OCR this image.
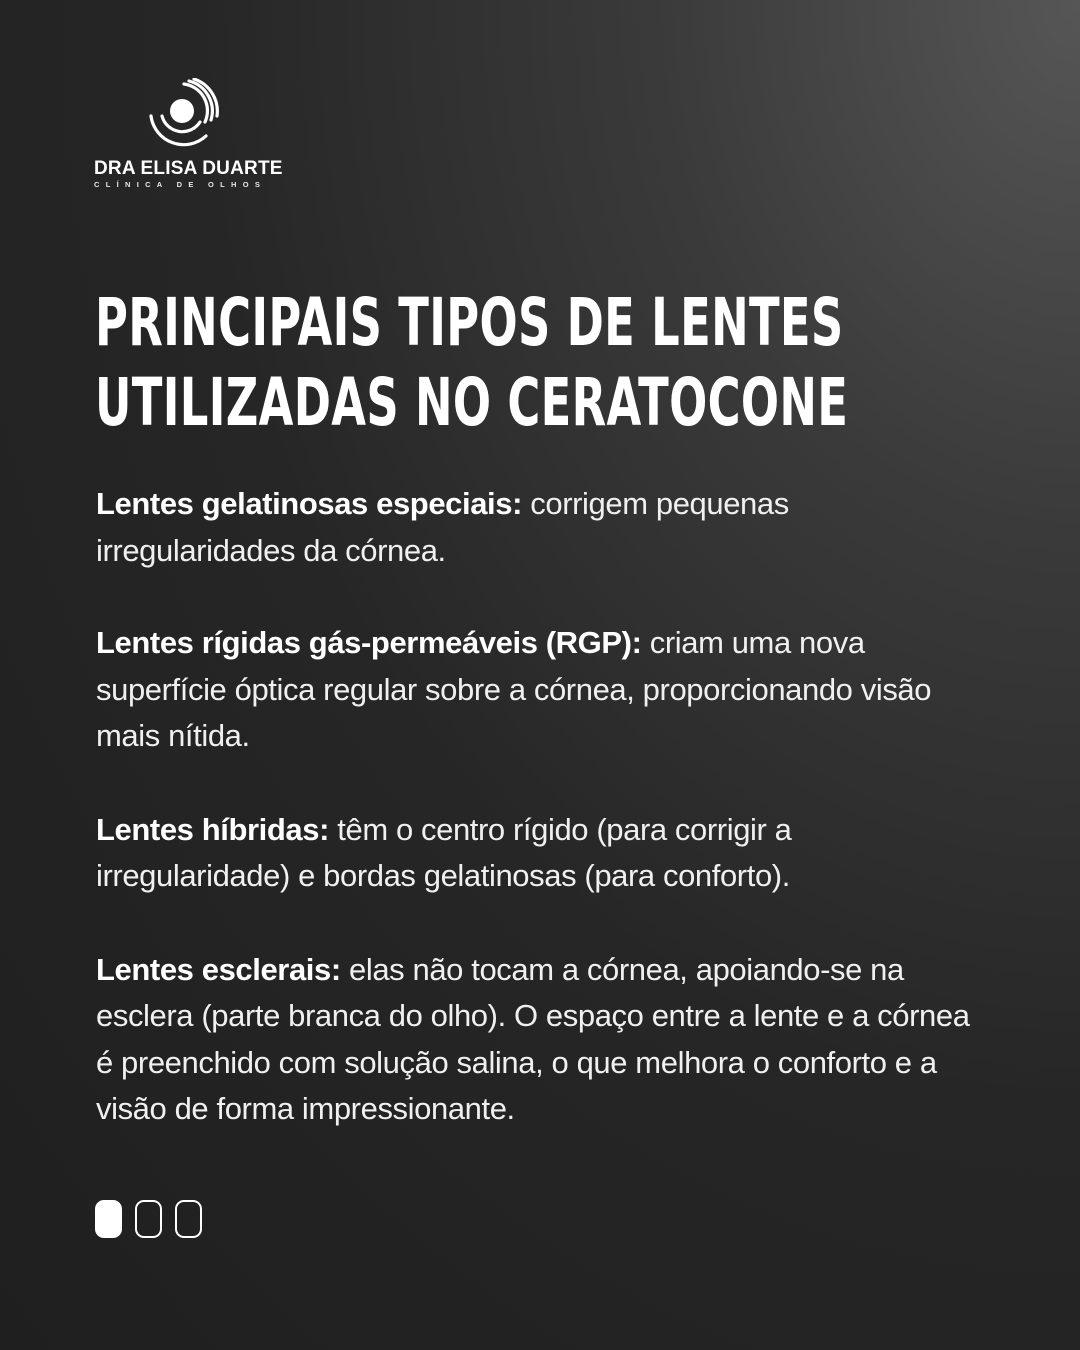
DRA ELISA DUARTE
CLÍNICA DE OLHOS
PRINCIPAIS TIPOS DE LENTES
UTILIZADAS NO CERATOCONE

Lentes gelatinosas especiais: corrigem pequenas irregularidades da córnea.

Lentes rígidas gás-permeáveis (RGP): criam uma nova superfície óptica regular sobre a córnea, proporcionando visão mais nítida.

Lentes híbridas: têm o centro rígido (para corrigir a irregularidade) e bordas gelatinosas (para conforto).

Lentes esclerais: elas não tocam a córnea, apoiando-se na esclera (parte branca do olho). O espaço entre a lente e a córnea é preenchido com solução salina, o que melhora o conforto e a visão de forma impressionante.
